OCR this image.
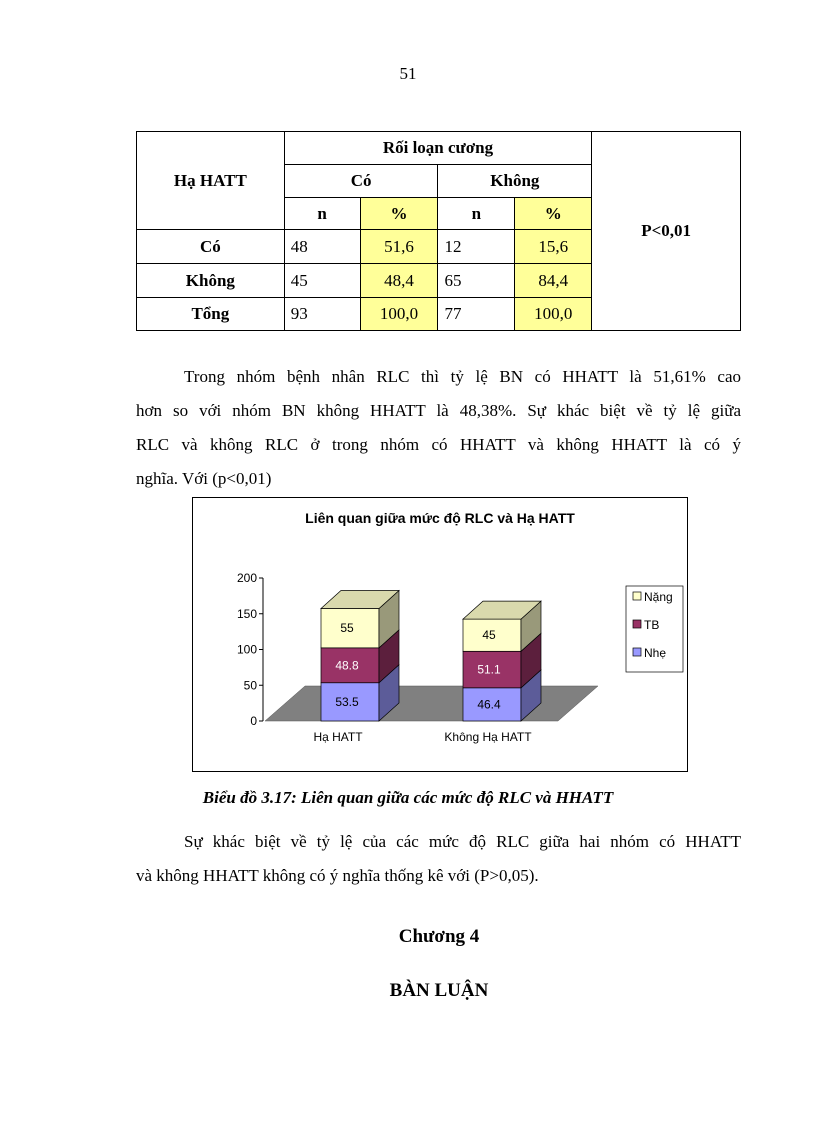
51
Hạ HATT	Rối loạn cương				P<0,01
	Có		Không		
	n	%	n	%	
Có	48	51,6	12	15,6	
Không	45	48,4	65	84,4	
Tổng	93	100,0	77	100,0	
Trong nhóm bệnh nhân RLC thì tỷ lệ BN có HHATT là 51,61% cao
hơn so với nhóm BN không HHATT là 48,38%. Sự khác biệt về tỷ lệ giữa
RLC và không RLC ở trong nhóm có HHATT và không HHATT là có ý
nghĩa. Với (p<0,01)
Liên quan giữa mức độ RLC và Hạ HATT
0
50
100
150
200
53.5
48.8
55
Hạ HATT
46.4
51.1
45
Không Hạ HATT
Nặng
TB
Nhẹ
Biểu đồ 3.17: Liên quan giữa các mức độ RLC và HHATT
Sự khác biệt về tỷ lệ của các mức độ RLC giữa hai nhóm có HHATT
và không HHATT không có ý nghĩa thống kê với (P>0,05).
Chương 4
BÀN LUẬN
